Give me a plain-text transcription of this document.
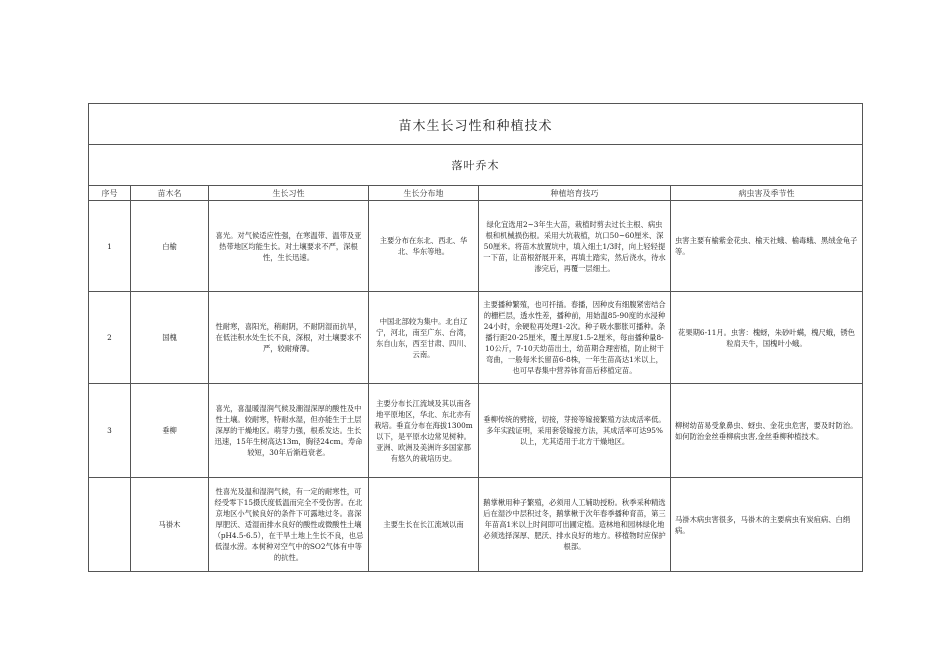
苗木生长习性和种植技术					
落叶乔木					
序号	苗木名	生长习性	生长分布地	种植培育技巧	病虫害及季节性
1	白榆	喜光。对气候适应性强，在寒温带、温带及亚热带地区均能生长。对土壤要求不严，深根性，生长迅速。	主要分布在东北、西北、华北、华东等地。	绿化宜选用2~3年生大苗，栽植时剪去过长主根、病虫根和机械损伤根。采用大坑栽植，坑口50~60厘米、深50厘米。将苗木放置坑中，填入细土1/3时，向上轻轻提一下苗，让苗根舒展开来，再填土踏实，然后浇水，待水渗完后，再覆一层细土。	虫害主要有榆紫金花虫、榆天社蛾、榆毒蛾、黑绒金龟子等。

2	国槐	性耐寒，喜阳光，稍耐阴，不耐阴湿而抗旱，在低洼积水处生长不良，深根，对土壤要求不严，较耐瘠薄。	中国北部较为集中。北自辽宁，河北，南至广东、台湾，东自山东，西至甘肃、四川、云南。	主要播种繁殖，也可扦插。春播，因种皮有细腹紧密结合的栅栏层，透水性差，播种前，用始温85-90度的水浸种24小时，余硬粒再处理1-2次。种子吸水膨胀可播种。条播行距20-25厘米，覆土厚度1.5-2厘米，每亩播种量8-10公斤，7-10天幼苗出土，幼苗期合理密植，防止树干弯曲，一般每米长留苗6-8株，一年生苗高达1米以上，也可早春集中营养钵育苗后移植定苗。	花果期6-11月。虫害：槐蚜，朱砂叶螨，槐尺蛾，锈色粒肩天牛，国槐叶小蛾。

3	垂柳	喜光，喜温暖湿润气候及潮湿深厚的酸性及中性土壤。较耐寒，特耐水湿，但亦能生于土层深厚的干燥地区。萌芽力强，根系发达。生长迅速，15年生树高达13m，胸径24cm。寿命较短，30年后渐趋衰老。	主要分布长江流域及其以南各地平原地区，华北、东北亦有栽培。垂直分布在海拔1300m以下，是平原水边常见树种。亚洲、欧洲及美洲许多国家都有悠久的栽培历史。	垂柳传统的劈接，切接，芽接等嫁接繁殖方法成活率低。多年实践证明，采用套袋嫁接方法，其成活率可达95%以上，尤其适用于北方干燥地区。	柳树幼苗易受象鼻虫、蚜虫、金花虫危害，要及时防治。如何防治金丝垂柳病虫害,金丝垂柳种植技术。

	马褂木	性喜光及温和湿润气候，有一定的耐寒性，可经受零下15摄氏度低温而完全不受伤害。在北京地区小气候良好的条件下可露地过冬。喜深厚肥沃、适湿而排水良好的酸性或微酸性土壤（pH4.5-6.5），在干旱土地上生长不良，也忌低湿水涝。本树种对空气中的SO2气体有中等的抗性。	主要生长在长江流域以南	鹅掌楸用种子繁殖，必须用人工辅助授粉。秋季采种精选后在湿沙中层积过冬，鹅掌楸于次年春季播种育苗，第三年苗高1米以上时间即可出圃定植。造林地和园林绿化地必须选择深厚、肥沃、排水良好的地方。移植物时应保护根部。	马褂木病虫害很多，马褂木的主要病虫有炭疽病、白绢病。
